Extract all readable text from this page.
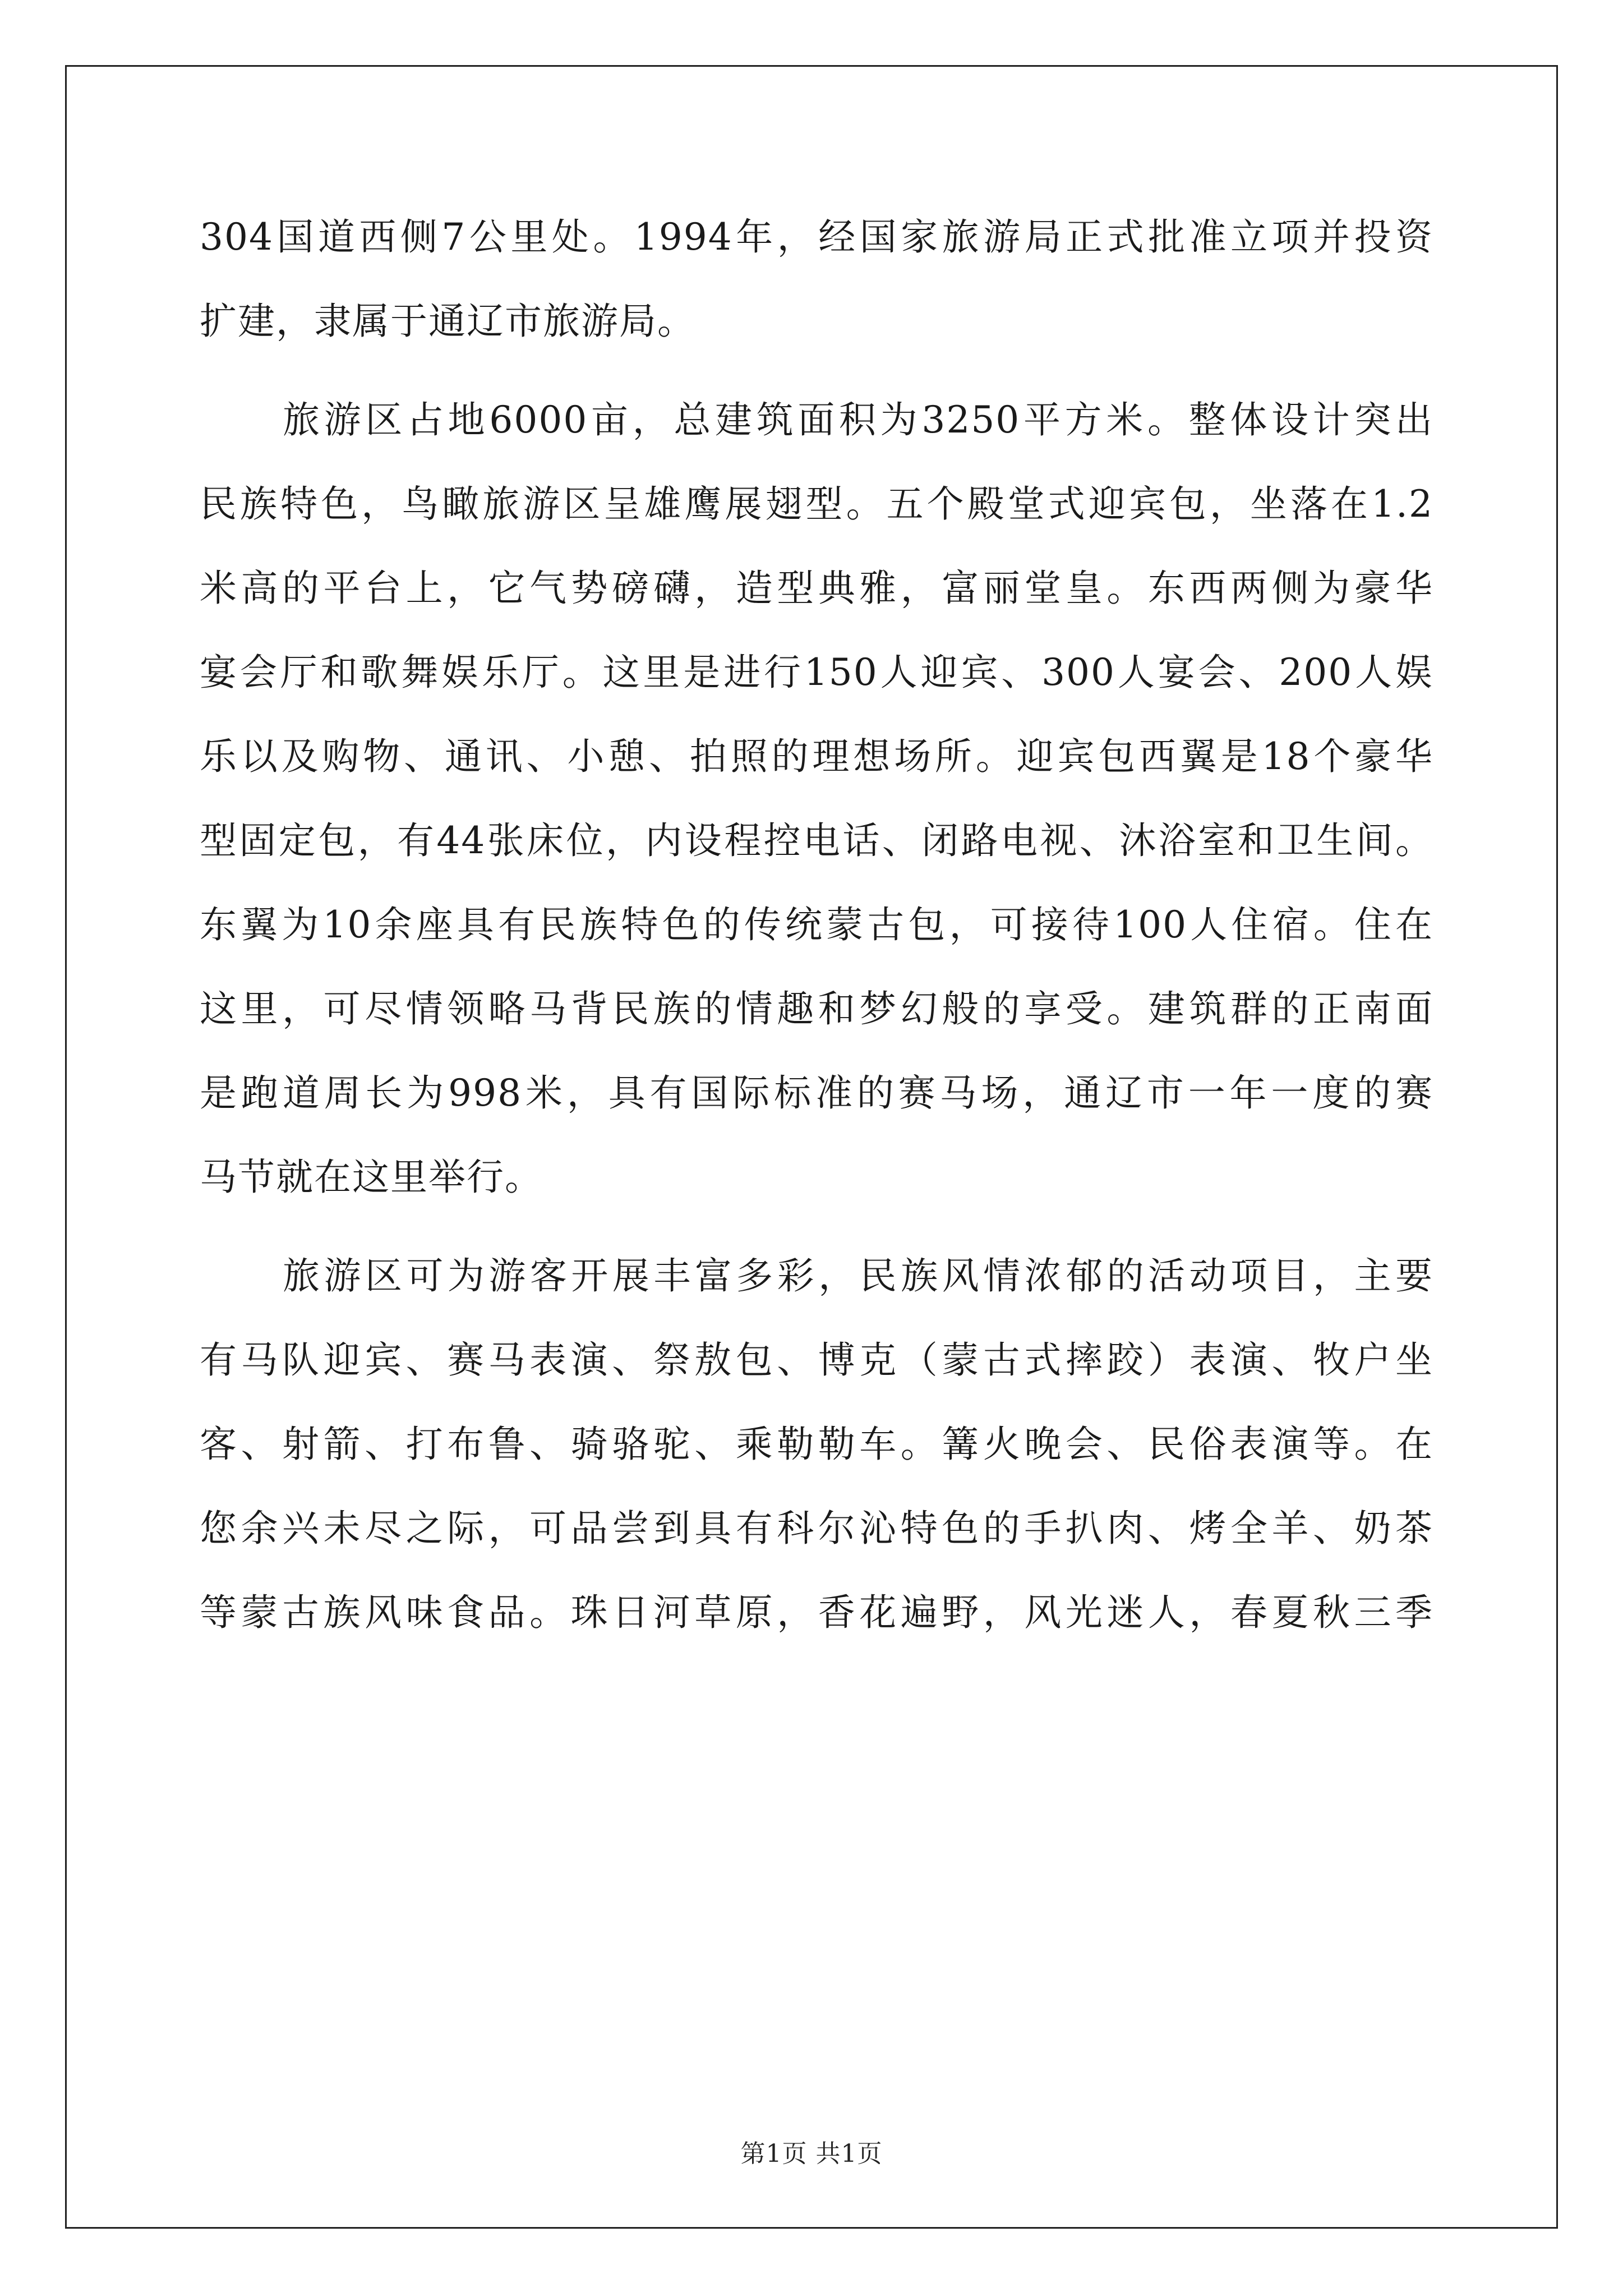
304国道西侧7公里处。1994年，经国家旅游局正式批准立项并投资
扩建，隶属于通辽市旅游局。
旅游区占地6000亩，总建筑面积为3250平方米。整体设计突出
民族特色，鸟瞰旅游区呈雄鹰展翅型。五个殿堂式迎宾包，坐落在1.2
米高的平台上，它气势磅礴，造型典雅，富丽堂皇。东西两侧为豪华
宴会厅和歌舞娱乐厅。这里是进行150人迎宾、300人宴会、200人娱
乐以及购物、通讯、小憩、拍照的理想场所。迎宾包西翼是18个豪华
型固定包，有44张床位，内设程控电话、闭路电视、沐浴室和卫生间。
东翼为10余座具有民族特色的传统蒙古包，可接待100人住宿。住在
这里，可尽情领略马背民族的情趣和梦幻般的享受。建筑群的正南面
是跑道周长为998米，具有国际标准的赛马场，通辽市一年一度的赛
马节就在这里举行。
旅游区可为游客开展丰富多彩，民族风情浓郁的活动项目，主要
有马队迎宾、赛马表演、祭敖包、博克（蒙古式摔跤）表演、牧户坐
客、射箭、打布鲁、骑骆驼、乘勒勒车。篝火晚会、民俗表演等。在
您余兴未尽之际，可品尝到具有科尔沁特色的手扒肉、烤全羊、奶茶
等蒙古族风味食品。珠日河草原，香花遍野，风光迷人，春夏秋三季
第1页 共1页
